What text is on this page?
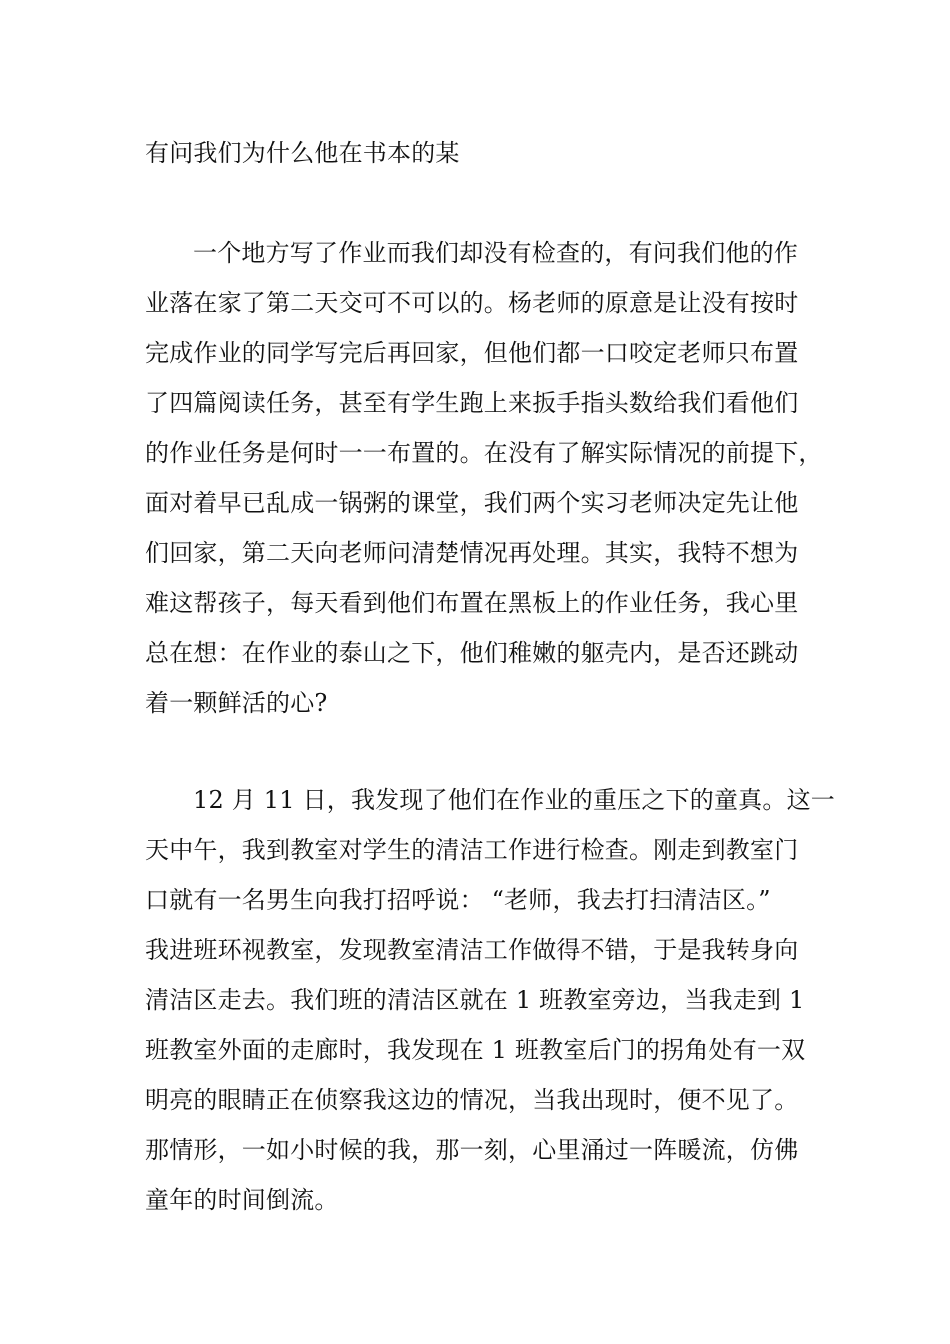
有问我们为什么他在书本的某
一个地方写了作业而我们却没有检查的，有问我们他的作
业落在家了第二天交可不可以的。杨老师的原意是让没有按时
完成作业的同学写完后再回家，但他们都一口咬定老师只布置
了四篇阅读任务，甚至有学生跑上来扳手指头数给我们看他们
的作业任务是何时一一布置的。在没有了解实际情况的前提下，
面对着早已乱成一锅粥的课堂，我们两个实习老师决定先让他
们回家，第二天向老师问清楚情况再处理。其实，我特不想为
难这帮孩子，每天看到他们布置在黑板上的作业任务，我心里
总在想：在作业的泰山之下，他们稚嫩的躯壳内，是否还跳动
着一颗鲜活的心?
12 月 11 日，我发现了他们在作业的重压之下的童真。这一
天中午，我到教室对学生的清洁工作进行检查。刚走到教室门
口就有一名男生向我打招呼说： “老师，我去打扫清洁区。”
我进班环视教室，发现教室清洁工作做得不错，于是我转身向
清洁区走去。我们班的清洁区就在 1 班教室旁边，当我走到 1
班教室外面的走廊时，我发现在 1 班教室后门的拐角处有一双
明亮的眼睛正在侦察我这边的情况，当我出现时，便不见了。
那情形，一如小时候的我，那一刻，心里涌过一阵暖流，仿佛
童年的时间倒流。
